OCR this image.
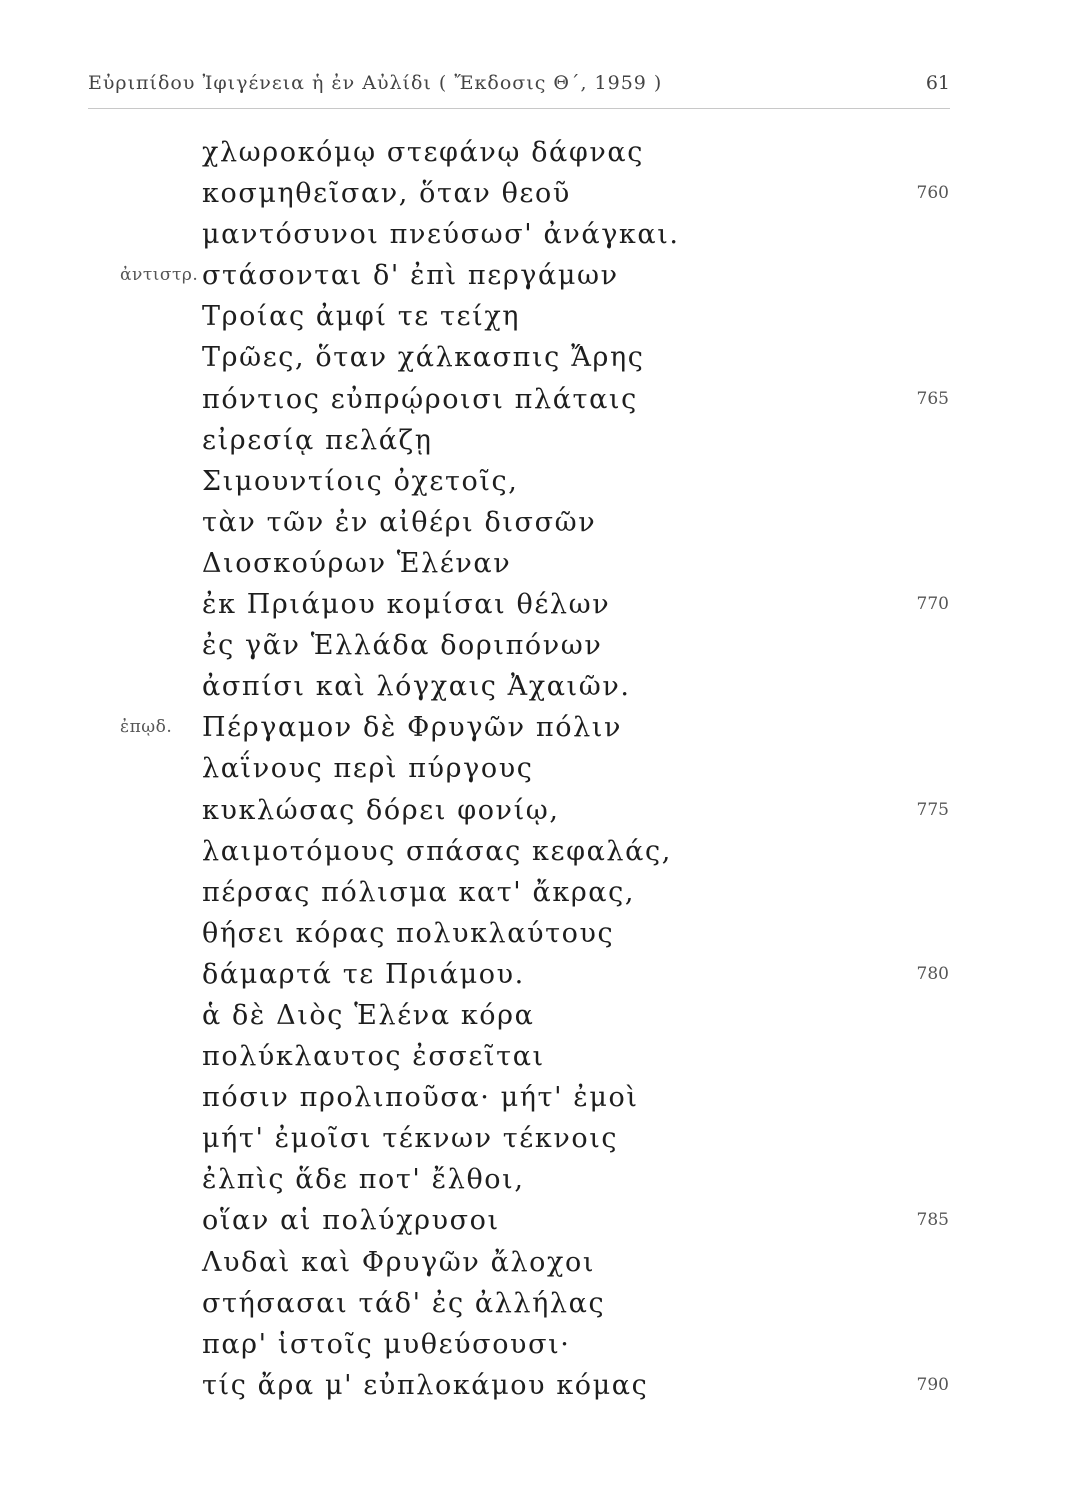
Εὐριπίδου Ἰφιγένεια ἡ ἐν Αὐλίδι ( Ἔκδοσις Θ΄, 1959 )	61
χλωροκόμῳ στεφάνῳ δάφνας
κοσμηθεῖσαν, ὅταν θεοῦ	760
μαντόσυνοι πνεύσωσ' ἀνάγκαι.
ἀντιστρ. στάσονται δ' ἐπὶ περγάμων
Τροίας ἀμφί τε τείχη
Τρῶες, ὅταν χάλκασπις Ἄρης
πόντιος εὐπρῴροισι πλάταις	765
εἰρεσίᾳ πελάζῃ
Σιμουντίοις ὀχετοῖς,
τὰν τῶν ἐν αἰθέρι δισσῶν
Διοσκούρων Ἑλέναν
ἐκ Πριάμου κομίσαι θέλων	770
ἐς γᾶν Ἑλλάδα δοριπόνων
ἀσπίσι καὶ λόγχαις Ἀχαιῶν.
ἐπῳδ. Πέργαμον δὲ Φρυγῶν πόλιν
λαΐνους περὶ πύργους
κυκλώσας δόρει φονίῳ,	775
λαιμοτόμους σπάσας κεφαλάς,
πέρσας πόλισμα κατ' ἄκρας,
θήσει κόρας πολυκλαύτους
δάμαρτά τε Πριάμου.	780
ἁ δὲ Διὸς Ἑλένα κόρα
πολύκλαυτος ἐσσεῖται
πόσιν προλιποῦσα· μήτ' ἐμοὶ
μήτ' ἐμοῖσι τέκνων τέκνοις
ἐλπὶς ἅδε ποτ' ἔλθοι,
οἵαν αἱ πολύχρυσοι	785
Λυδαὶ καὶ Φρυγῶν ἄλοχοι
στήσασαι τάδ' ἐς ἀλλήλας
παρ' ἱστοῖς μυθεύσουσι·
τίς ἄρα μ' εὐπλοκάμου κόμας	790
